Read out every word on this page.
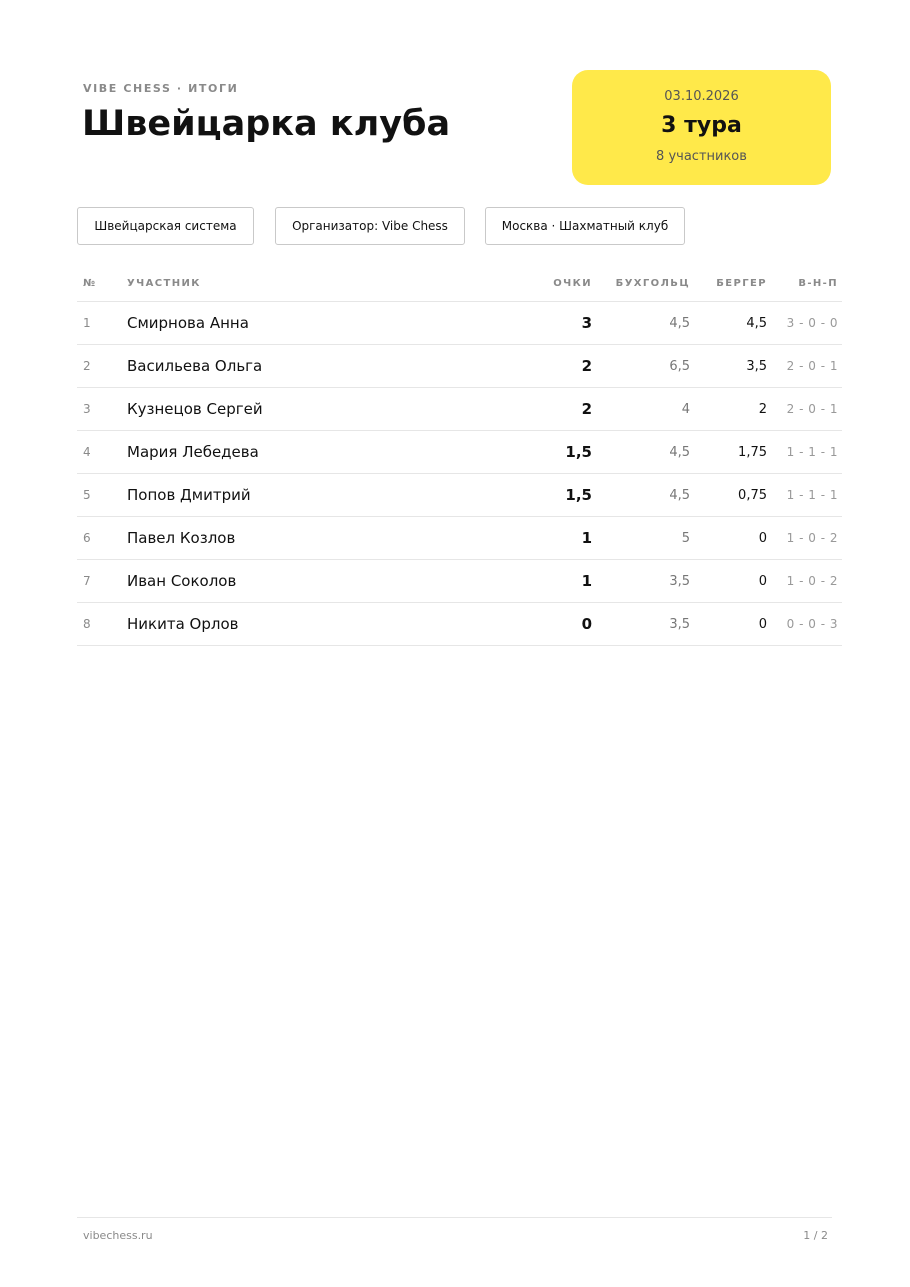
VIBE CHESS · ИТОГИ
Швейцарка клуба
03.10.2026
3 тура
8 участников
Швейцарская система	Организатор: Vibe Chess	Москва · Шахматный клуб
№	УЧАСТНИК	ОЧКИ	БУХГОЛЬЦ	БЕРГЕР	В-Н-П
1	Смирнова Анна	3	4,5	4,5	3 - 0 - 0
2	Васильева Ольга	2	6,5	3,5	2 - 0 - 1
3	Кузнецов Сергей	2	4	2	2 - 0 - 1
4	Мария Лебедева	1,5	4,5	1,75	1 - 1 - 1
5	Попов Дмитрий	1,5	4,5	0,75	1 - 1 - 1
6	Павел Козлов	1	5	0	1 - 0 - 2
7	Иван Соколов	1	3,5	0	1 - 0 - 2
8	Никита Орлов	0	3,5	0	0 - 0 - 3
vibechess.ru	1 / 2
